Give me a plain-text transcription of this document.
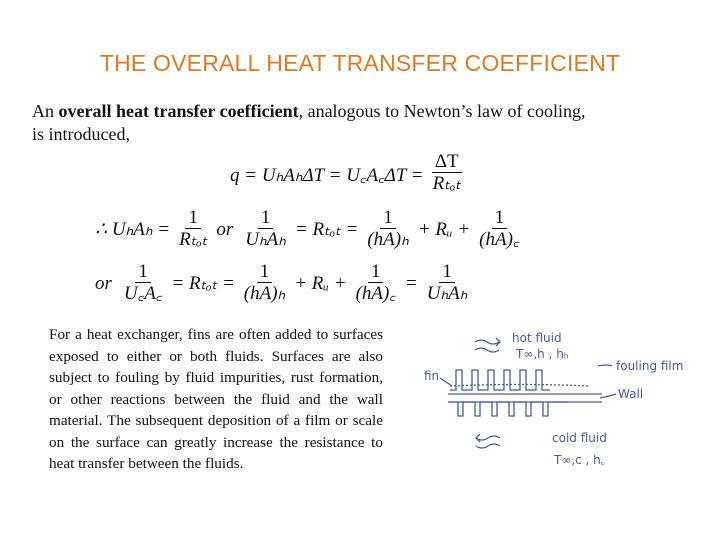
THE OVERALL HEAT TRANSFER COEFFICIENT
An overall heat transfer coefficient, analogous to Newton’s law of cooling, is introduced,
q = UₕAₕΔT = U꜀A꜀ΔT = $\frac{\Delta T}{\text{Rₜₒₜ}}$
∴ $U_hA_h = \frac{1}{\text{Rₜₒₜ}}$ or $\frac{1}{\text{UₕAₕ}} = R_{tot} = \frac{1}{\text{(hA)ₕ}}$ + Rᵤ + $\frac{1}{(hA)꜀}$
or $\frac{1}{U꜀A꜀} = R_{tot} = \frac{1}{\text{(hA)ₕ}}$ + Rᵤ + $\frac{1}{(hA)꜀} = \frac{1}{\text{UₕAₕ}}$
For a heat exchanger, fins are often added to surfaces exposed to either or both fluids. Surfaces are also subject to fouling by fluid impurities, rust formation, or other reactions between the fluid and the wall material. The subsequent deposition of a film or scale on the surface can greatly increase the resistance to heat transfer between the fluids.
hot fluid
T∞,h , hₕ
fouling film
fin
Wall
cold fluid
T∞,c , h꜀
